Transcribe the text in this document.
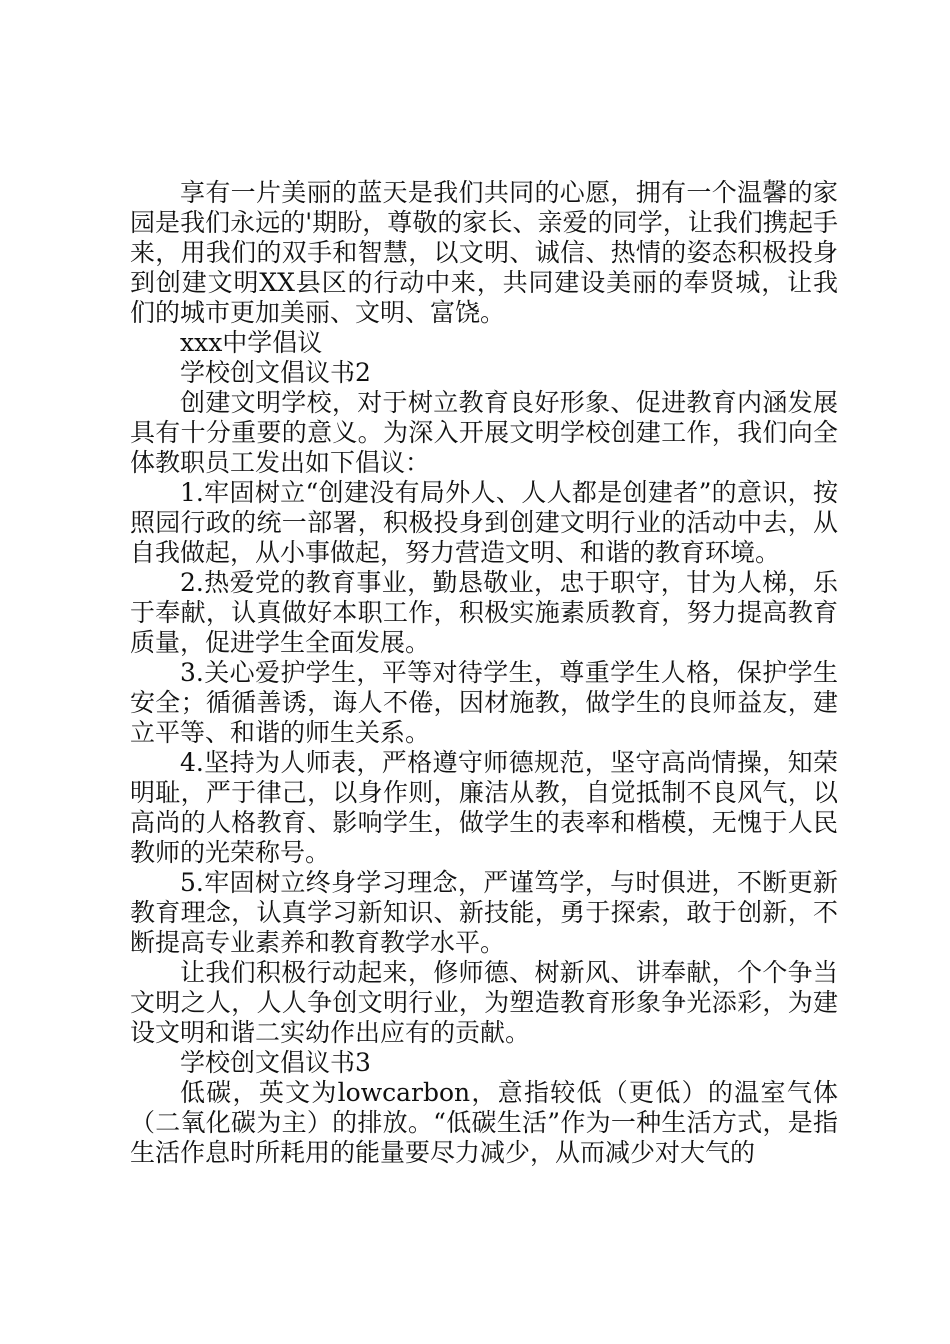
享有一片美丽的蓝天是我们共同的心愿，拥有一个温馨的家园是我们永远的'期盼，尊敬的家长、亲爱的同学，让我们携起手来，用我们的双手和智慧，以文明、诚信、热情的姿态积极投身到创建文明XX县区的行动中来，共同建设美丽的奉贤城，让我们的城市更加美丽、文明、富饶。

xxx中学倡议

学校创文倡议书2

创建文明学校，对于树立教育良好形象、促进教育内涵发展具有十分重要的意义。为深入开展文明学校创建工作，我们向全体教职员工发出如下倡议：

1.牢固树立“创建没有局外人、人人都是创建者”的意识，按照园行政的统一部署，积极投身到创建文明行业的活动中去，从自我做起，从小事做起，努力营造文明、和谐的教育环境。

2.热爱党的教育事业，勤恳敬业，忠于职守，甘为人梯，乐于奉献，认真做好本职工作，积极实施素质教育，努力提高教育质量，促进学生全面发展。

3.关心爱护学生，平等对待学生，尊重学生人格，保护学生安全；循循善诱，诲人不倦，因材施教，做学生的良师益友，建立平等、和谐的师生关系。

4.坚持为人师表，严格遵守师德规范，坚守高尚情操，知荣明耻，严于律己，以身作则，廉洁从教，自觉抵制不良风气，以高尚的人格教育、影响学生，做学生的表率和楷模，无愧于人民教师的光荣称号。

5.牢固树立终身学习理念，严谨笃学，与时俱进，不断更新教育理念，认真学习新知识、新技能，勇于探索，敢于创新，不断提高专业素养和教育教学水平。

让我们积极行动起来，修师德、树新风、讲奉献，个个争当文明之人，人人争创文明行业，为塑造教育形象争光添彩，为建设文明和谐二实幼作出应有的贡献。

学校创文倡议书3

低碳，英文为lowcarbon，意指较低（更低）的温室气体（二氧化碳为主）的排放。“低碳生活”作为一种生活方式，是指生活作息时所耗用的能量要尽力减少，从而减少对大气的
